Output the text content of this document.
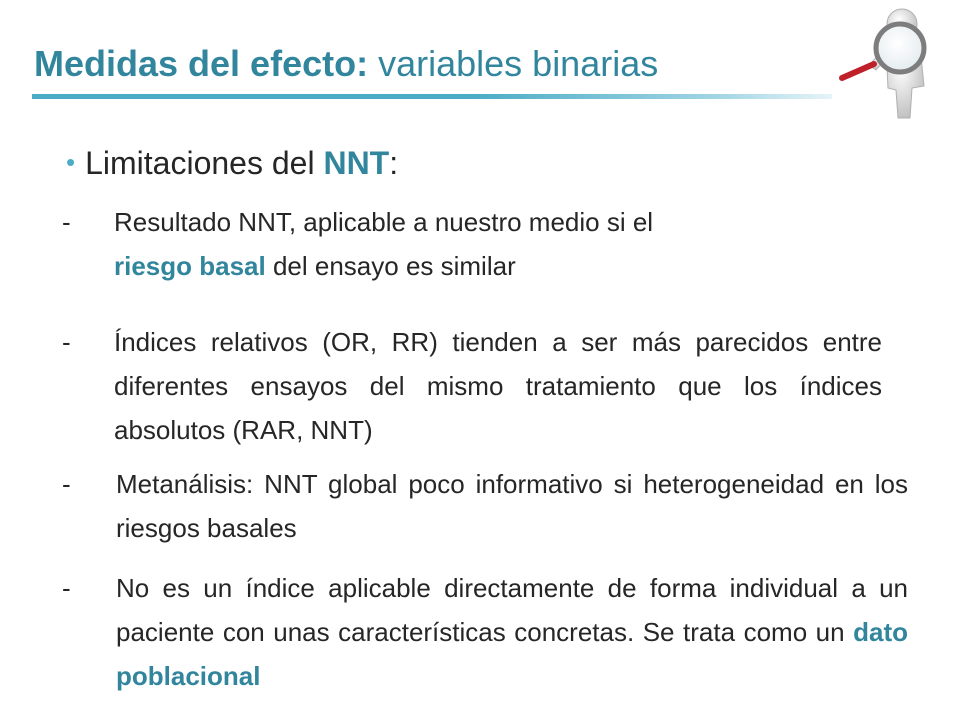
Medidas del efecto: variables binarias
• Limitaciones del NNT:
- Resultado NNT, aplicable a nuestro medio si el
riesgo basal del ensayo es similar
- Índices relativos (OR, RR) tienden a ser más parecidos entre diferentes ensayos del mismo tratamiento que los índices absolutos (RAR, NNT)
- Metanálisis: NNT global poco informativo si heterogeneidad en los riesgos basales
- No es un índice aplicable directamente de forma individual a un paciente con unas características concretas. Se trata como un dato poblacional
